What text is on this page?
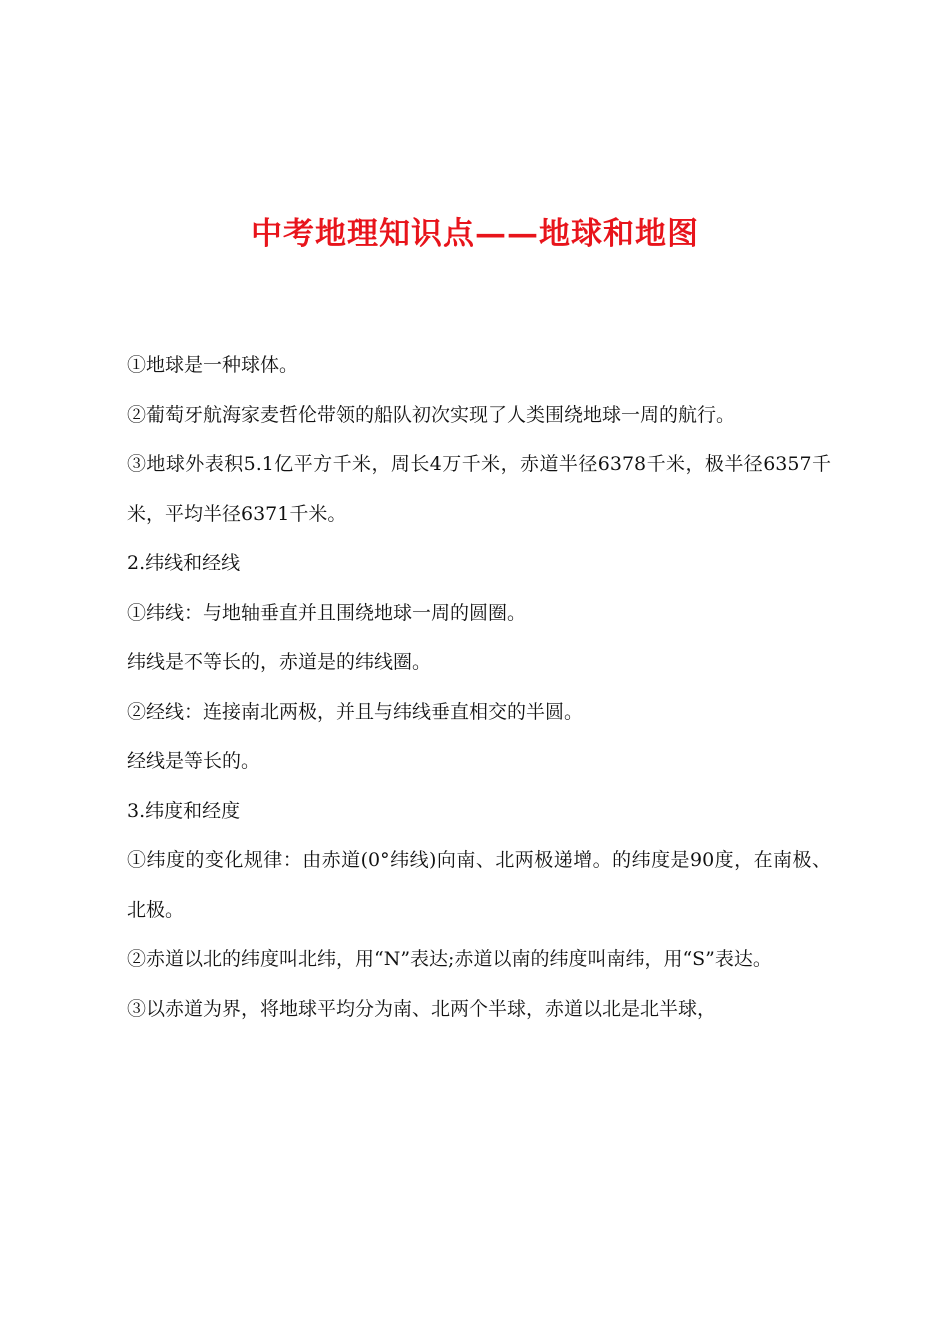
中考地理知识点——地球和地图

①地球是一种球体。

②葡萄牙航海家麦哲伦带领的船队初次实现了人类围绕地球一周的航行。

③地球外表积5.1亿平方千米，周长4万千米，赤道半径6378千米，极半径6357千米，平均半径6371千米。

2.纬线和经线

①纬线：与地轴垂直并且围绕地球一周的圆圈。

纬线是不等长的，赤道是的纬线圈。

②经线：连接南北两极，并且与纬线垂直相交的半圆。

经线是等长的。

3.纬度和经度

①纬度的变化规律：由赤道(0°纬线)向南、北两极递增。的纬度是90度，在南极、北极。

②赤道以北的纬度叫北纬，用“N”表达;赤道以南的纬度叫南纬，用“S”表达。

③以赤道为界，将地球平均分为南、北两个半球，赤道以北是北半球，
